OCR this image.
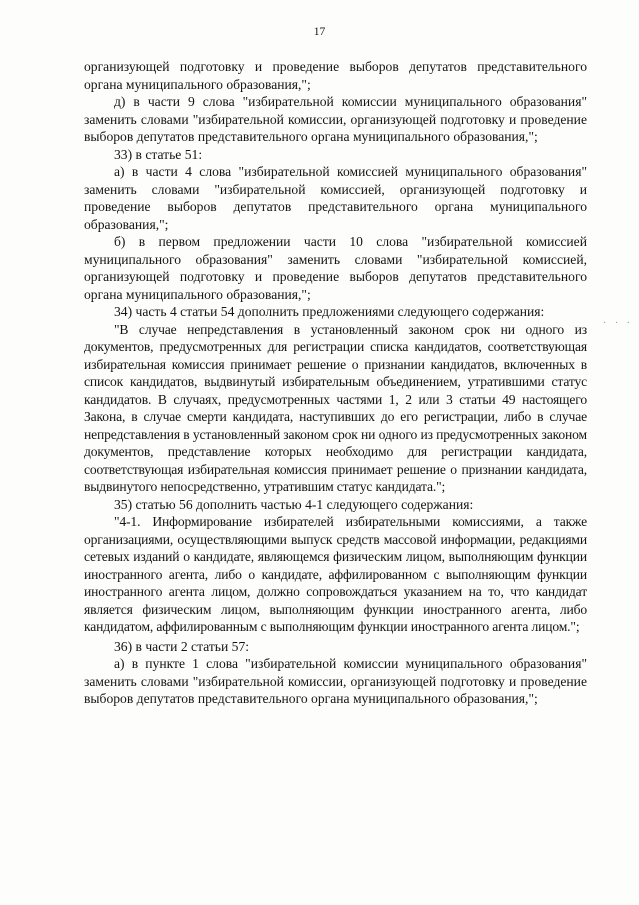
17

организующей подготовку и проведение выборов депутатов представительного органа муниципального образования,";

д) в части 9 слова "избирательной комиссии муниципального образования" заменить словами "избирательной комиссии, организующей подготовку и проведение выборов депутатов представительного органа муниципального образования,";

33) в статье 51:

а) в части 4 слова "избирательной комиссией муниципального образования" заменить словами "избирательной комиссией, организующей подготовку и проведение выборов депутатов представительного органа муниципального образования,";

б) в первом предложении части 10 слова "избирательной комиссией муниципального образования" заменить словами "избирательной комиссией, организующей подготовку и проведение выборов депутатов представительного органа муниципального образования,";

34) часть 4 статьи 54 дополнить предложениями следующего содержания:

"В случае непредставления в установленный законом срок ни одного из документов, предусмотренных для регистрации списка кандидатов, соответствующая избирательная комиссия принимает решение о признании кандидатов, включенных в список кандидатов, выдвинутый избирательным объединением, утратившими статус кандидатов. В случаях, предусмотренных частями 1, 2 или 3 статьи 49 настоящего Закона, в случае смерти кандидата, наступивших до его регистрации, либо в случае непредставления в установленный законом срок ни одного из предусмотренных законом документов, представление которых необходимо для регистрации кандидата, соответствующая избирательная комиссия принимает решение о признании кандидата, выдвинутого непосредственно, утратившим статус кандидата.";

35) статью 56 дополнить частью 4-1 следующего содержания:

"4-1. Информирование избирателей избирательными комиссиями, а также организациями, осуществляющими выпуск средств массовой информации, редакциями сетевых изданий о кандидате, являющемся физическим лицом, выполняющим функции иностранного агента, либо о кандидате, аффилированном с выполняющим функции иностранного агента лицом, должно сопровождаться указанием на то, что кандидат является физическим лицом, выполняющим функции иностранного агента, либо кандидатом, аффилированным с выполняющим функции иностранного агента лицом.";

36) в части 2 статьи 57:

а) в пункте 1 слова "избирательной комиссии муниципального образования" заменить словами "избирательной комиссии, организующей подготовку и проведение выборов депутатов представительного органа муниципального образования,";

· · ·
